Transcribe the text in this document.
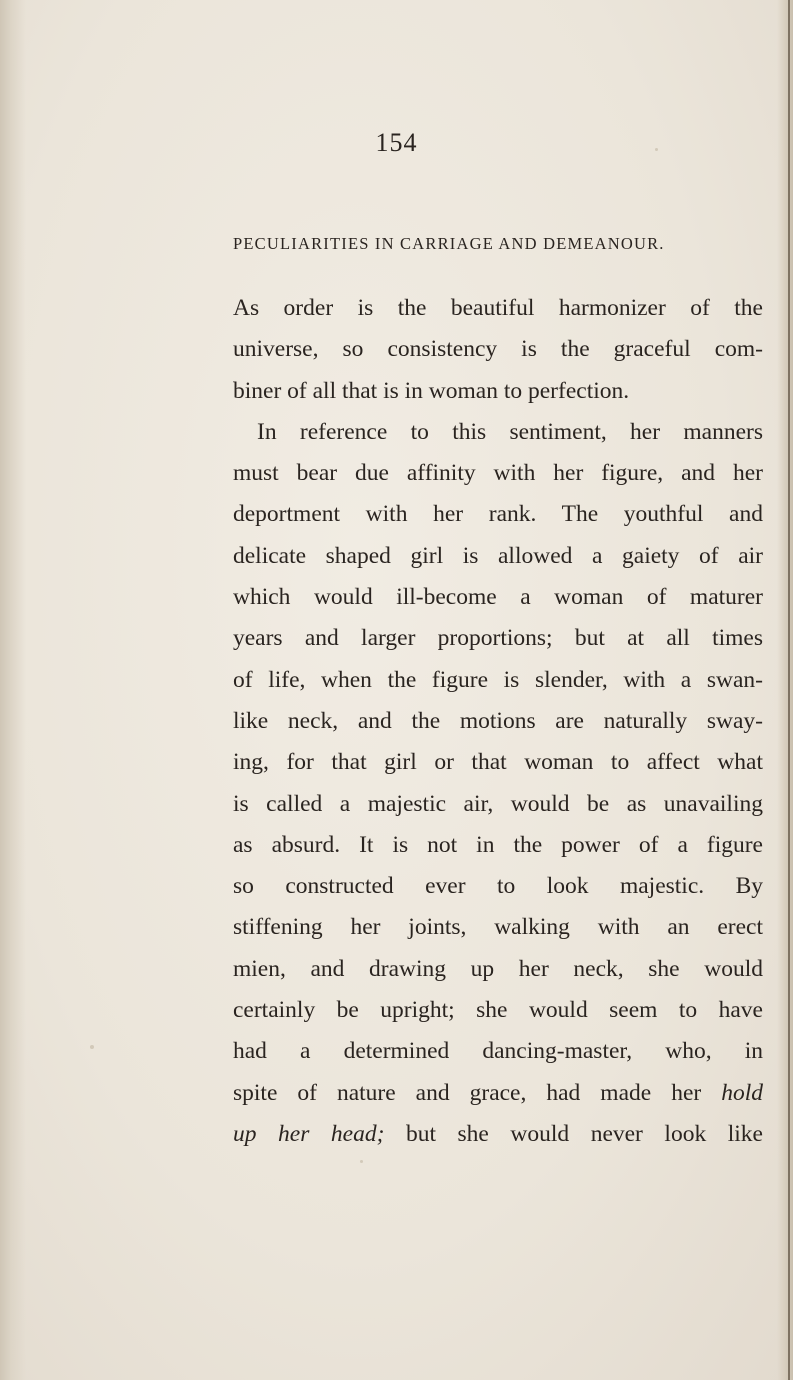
154
PECULIARITIES IN CARRIAGE AND DEMEANOUR.
As order is the beautiful harmonizer of the
universe, so consistency is the graceful com-
biner of all that is in woman to perfection.
In reference to this sentiment, her manners
must bear due affinity with her figure, and her
deportment with her rank. The youthful and
delicate shaped girl is allowed a gaiety of air
which would ill-become a woman of maturer
years and larger proportions; but at all times
of life, when the figure is slender, with a swan-
like neck, and the motions are naturally sway-
ing, for that girl or that woman to affect what
is called a majestic air, would be as unavailing
as absurd. It is not in the power of a figure
so constructed ever to look majestic. By
stiffening her joints, walking with an erect
mien, and drawing up her neck, she would
certainly be upright; she would seem to have
had a determined dancing-master, who, in
spite of nature and grace, had made her hold
up her head; but she would never look like
